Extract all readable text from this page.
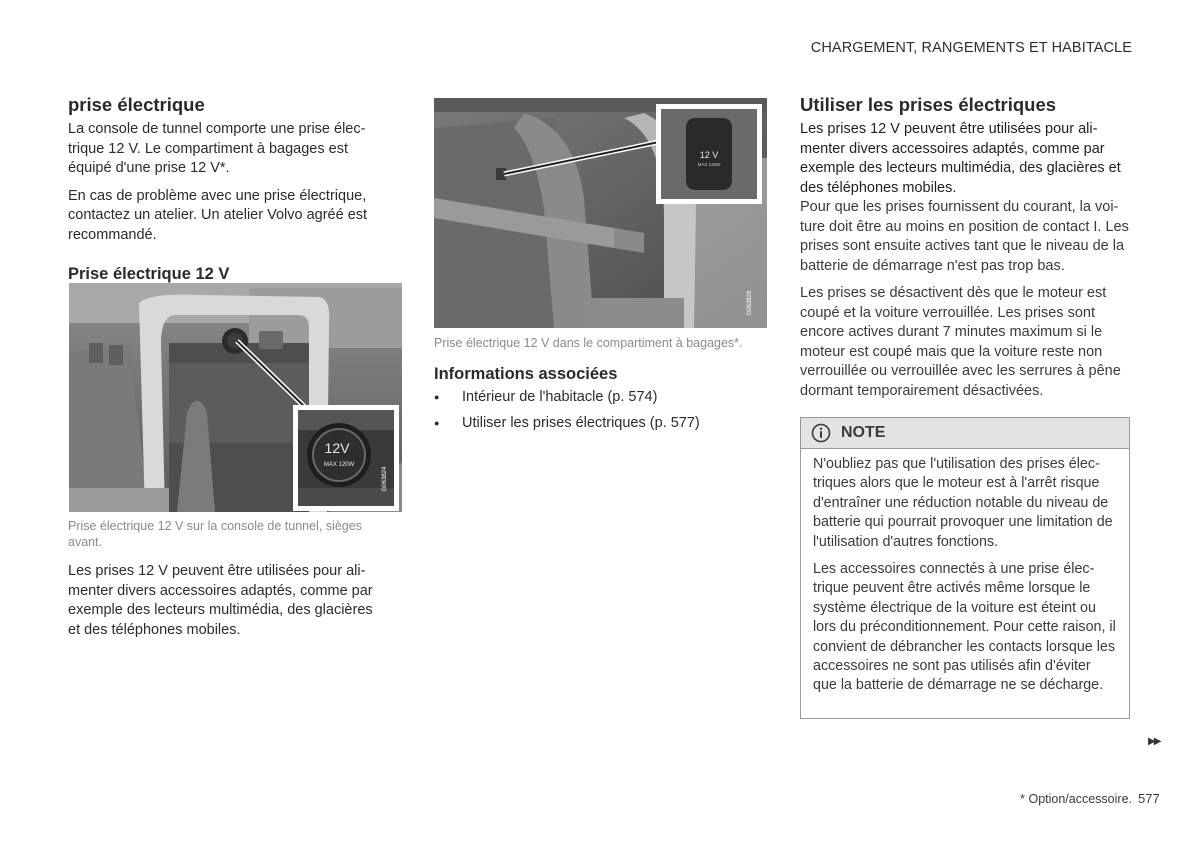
CHARGEMENT, RANGEMENTS ET HABITACLE
prise électrique

La console de tunnel comporte une prise électrique 12 V. Le compartiment à bagages est équipé d'une prise 12 V*.

En cas de problème avec une prise électrique, contactez un atelier. Un atelier Volvo agréé est recommandé.

Prise électrique 12 V
12V
MAX 120W
G063824

Prise électrique 12 V sur la console de tunnel, sièges avant.

Les prises 12 V peuvent être utilisées pour alimenter divers accessoires adaptés, comme par exemple des lecteurs multimédia, des glacières et des téléphones mobiles.

12 V
MAX 120W
G063828

Prise électrique 12 V dans le compartiment à bagages*.

Informations associées
● Intérieur de l'habitacle (p. 574)
● Utiliser les prises électriques (p. 577)
Utiliser les prises électriques

Les prises 12 V peuvent être utilisées pour alimenter divers accessoires adaptés, comme par exemple des lecteurs multimédia, des glacières et des téléphones mobiles.

Pour que les prises fournissent du courant, la voiture doit être au moins en position de contact I. Les prises sont ensuite actives tant que le niveau de la batterie de démarrage n'est pas trop bas.

Les prises se désactivent dès que le moteur est coupé et la voiture verrouillée. Les prises sont encore actives durant 7 minutes maximum si le moteur est coupé mais que la voiture reste non verrouillée ou verrouillée avec les serrures à pêne dormant temporairement désactivées.

NOTE

N'oubliez pas que l'utilisation des prises électriques alors que le moteur est à l'arrêt risque d'entraîner une réduction notable du niveau de batterie qui pourrait provoquer une limitation de l'utilisation d'autres fonctions.

Les accessoires connectés à une prise électrique peuvent être activés même lorsque le système électrique de la voiture est éteint ou lors du préconditionnement. Pour cette raison, il convient de débrancher les contacts lorsque les accessoires ne sont pas utilisés afin d'éviter que la batterie de démarrage ne se décharge.

▶▶
* Option/accessoire. 577
